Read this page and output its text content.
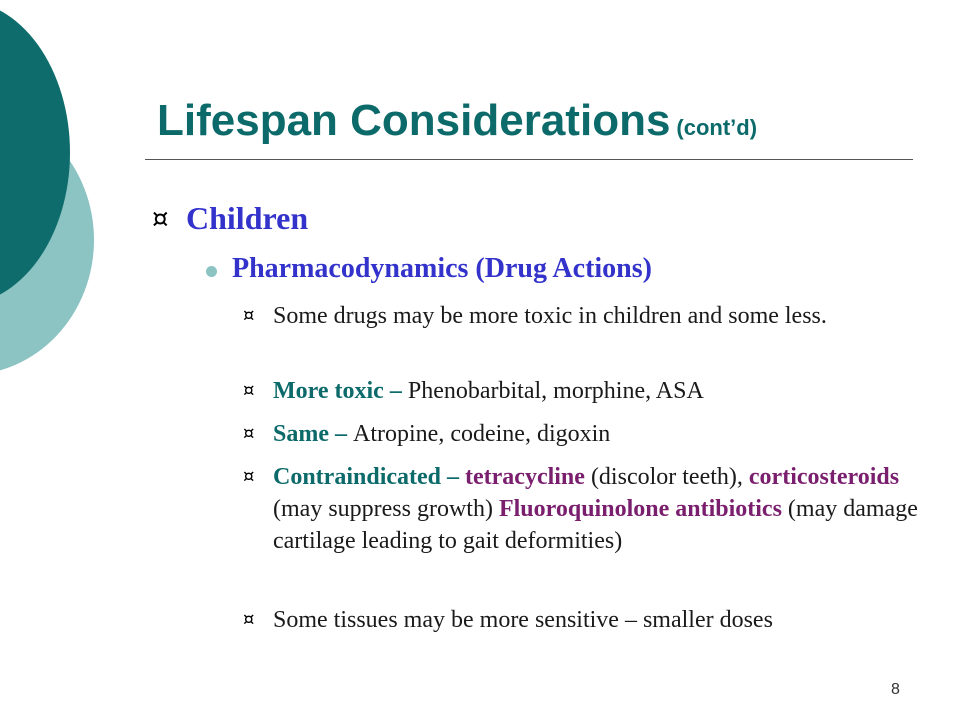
Lifespan Considerations (cont’d)
¤ Children
Pharmacodynamics (Drug Actions)
¤ Some drugs may be more toxic in children and some less.
¤ More toxic – Phenobarbital, morphine, ASA
¤ Same – Atropine, codeine, digoxin
¤ Contraindicated – tetracycline (discolor teeth), corticosteroids (may suppress growth) Fluoroquinolone antibiotics (may damage cartilage leading to gait deformities)
¤ Some tissues may be more sensitive – smaller doses
8
